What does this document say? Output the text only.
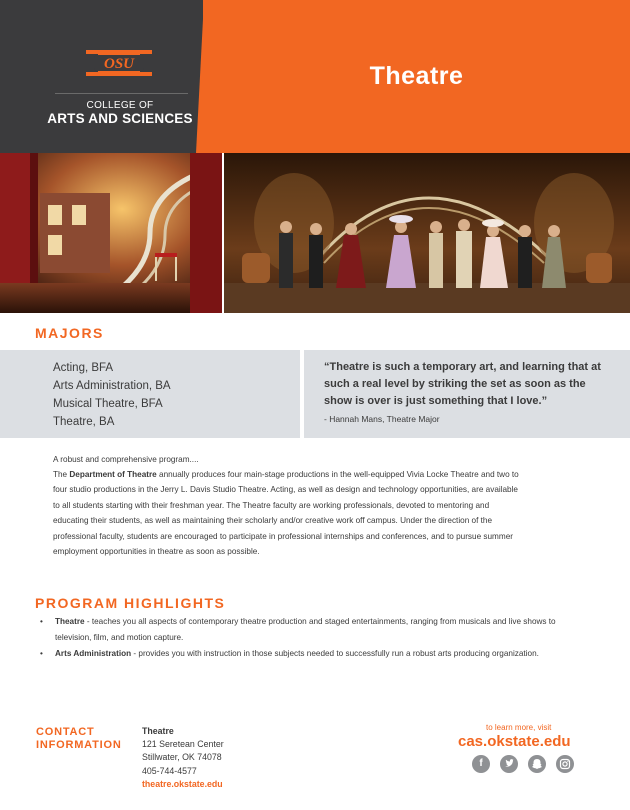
OSU
COLLEGE OF
ARTS AND SCIENCES
Theatre
MAJORS
Acting, BFA
Arts Administration, BA
Musical Theatre, BFA
Theatre, BA
“Theatre is such a temporary art, and learning that at such a real level by striking the set as soon as the show is over is just something that I love.”
- Hannah Mans, Theatre Major
A robust and comprehensive program....
The Department of Theatre annually produces four main-stage productions in the well-equipped Vivia Locke Theatre and two to four studio productions in the Jerry L. Davis Studio Theatre. Acting, as well as design and technology opportunities, are available to all students starting with their freshman year. The Theatre faculty are working professionals, devoted to mentoring and educating their students, as well as maintaining their scholarly and/or creative work off campus. Under the direction of the professional faculty, students are encouraged to participate in professional internships and conferences, and to pursue summer employment opportunities in theatre as soon as possible.
PROGRAM HIGHLIGHTS
• Theatre - teaches you all aspects of contemporary theatre production and staged entertainments, ranging from musicals and live shows to television, film, and motion capture.
• Arts Administration - provides you with instruction in those subjects needed to successfully run a robust arts producing organization.
CONTACT
INFORMATION
Theatre
121 Seretean Center
Stillwater, OK 74078
405-744-4577
theatre.okstate.edu
to learn more, visit
cas.okstate.edu
f
